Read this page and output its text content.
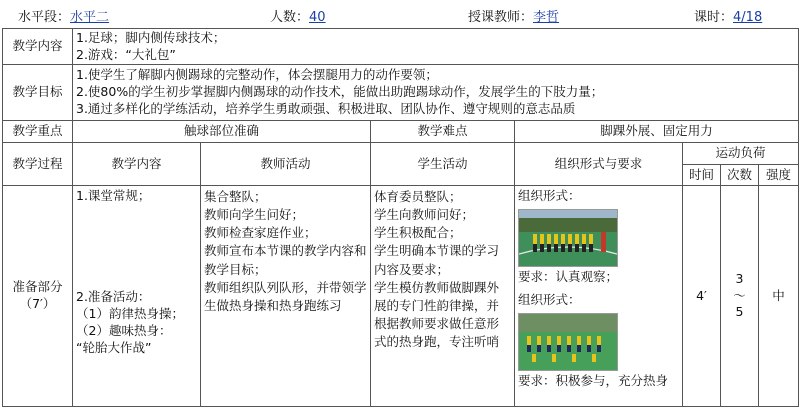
水平段：水平二	人数：40	授课教师：李哲	课时：4/18
教学内容	1.足球；脚内侧传球技术；
2.游戏：“大礼包”						

教学目标	1.使学生了解脚内侧踢球的完整动作，体会摆腿用力的动作要领；
2.使80%的学生初步掌握脚内侧踢球的动作技术，能做出助跑踢球动作，发展学生的下肢力量；
3.通过多样化的学练活动，培养学生勇敢顽强、积极进取、团队协作、遵守规则的意志品质						

教学重点	触球部位准确		教学难点	脚踝外展、固定用力			
教学过程	教学内容	教师活动	学生活动	组织形式与要求	运动负荷		
					时间	次数	强度

准备部分
（7′）	1.课堂常规；
2.准备活动：
（1）韵律热身操；
（2）趣味热身：
“轮胎大作战”	集合整队；
教师向学生问好；
教师检查家庭作业；
教师宣布本节课的教学内容和教学目标；
教师组织队列队形，并带领学生做热身操和热身跑练习	体育委员整队；
学生向教师问好；
学生积极配合；
学生明确本节课的学习内容及要求；
学生模仿教师做脚踝外展的专门性韵律操，并根据教师要求做任意形式的热身跑，专注听哨	组织形式：
要求：认真观察；
组织形式：
要求：积极参与，充分热身	4′	3
～
5	中
